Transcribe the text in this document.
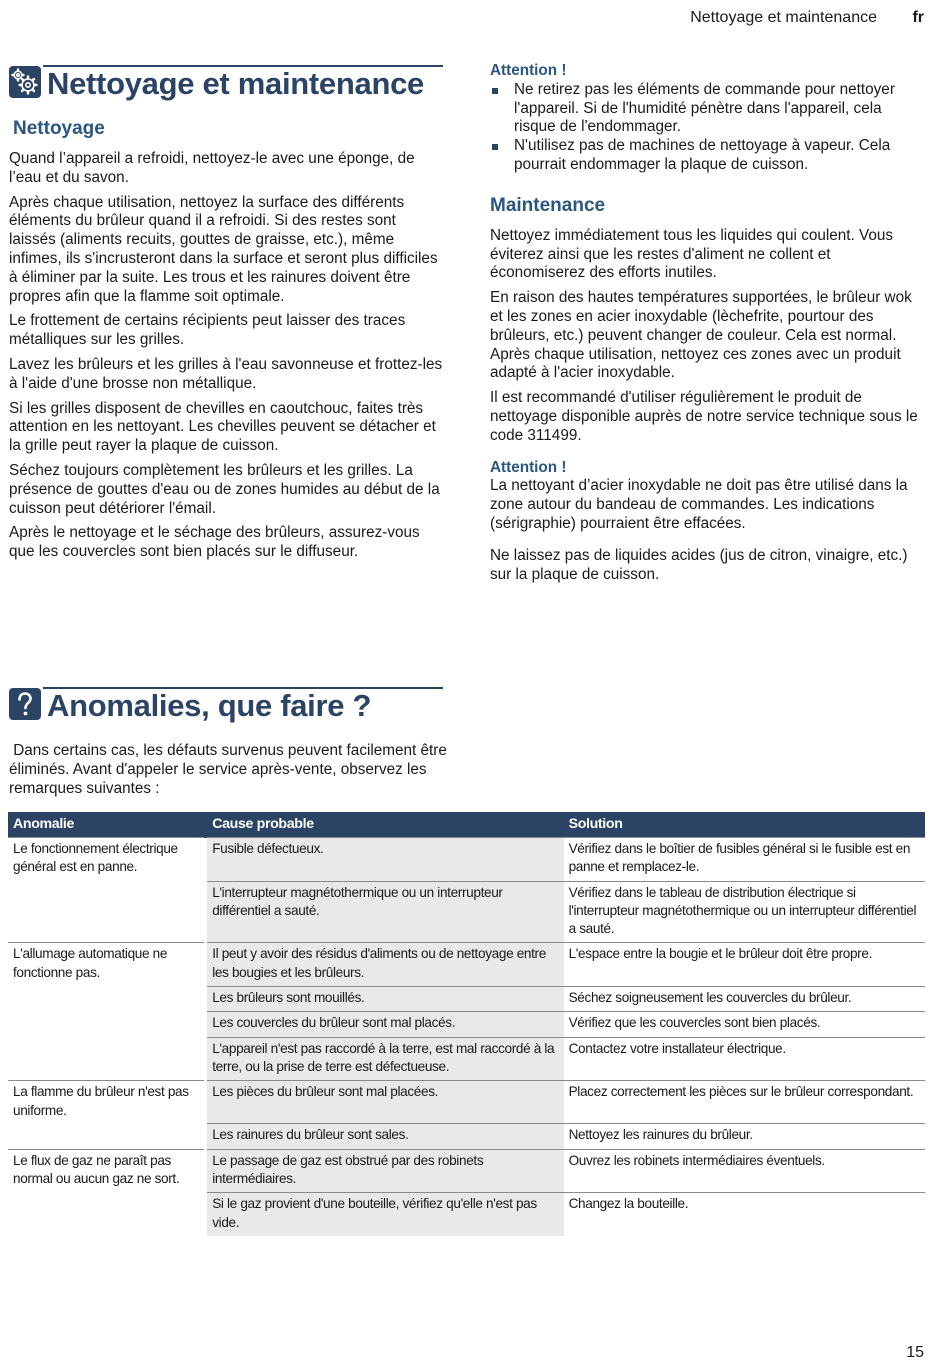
Nettoyage et maintenance fr
Nettoyage et maintenance
Nettoyage

Quand l’appareil a refroidi, nettoyez-le avec une éponge, de l’eau et du savon.

Après chaque utilisation, nettoyez la surface des différents éléments du brûleur quand il a refroidi. Si des restes sont laissés (aliments recuits, gouttes de graisse, etc.), même infimes, ils s'incrusteront dans la surface et seront plus difficiles à éliminer par la suite. Les trous et les rainures doivent être propres afin que la flamme soit optimale.

Le frottement de certains récipients peut laisser des traces métalliques sur les grilles.

Lavez les brûleurs et les grilles à l'eau savonneuse et frottez-les à l'aide d'une brosse non métallique.

Si les grilles disposent de chevilles en caoutchouc, faites très attention en les nettoyant. Les chevilles peuvent se détacher et la grille peut rayer la plaque de cuisson.

Séchez toujours complètement les brûleurs et les grilles. La présence de gouttes d'eau ou de zones humides au début de la cuisson peut détériorer l'émail.

Après le nettoyage et le séchage des brûleurs, assurez-vous que les couvercles sont bien placés sur le diffuseur.

Attention !
Ne retirez pas les éléments de commande pour nettoyer l'appareil. Si de l'humidité pénètre dans l'appareil, cela risque de l'endommager.
N'utilisez pas de machines de nettoyage à vapeur. Cela pourrait endommager la plaque de cuisson.
Maintenance

Nettoyez immédiatement tous les liquides qui coulent. Vous éviterez ainsi que les restes d'aliment ne collent et économiserez des efforts inutiles.

En raison des hautes températures supportées, le brûleur wok et les zones en acier inoxydable (lèchefrite, pourtour des brûleurs, etc.) peuvent changer de couleur. Cela est normal. Après chaque utilisation, nettoyez ces zones avec un produit adapté à l'acier inoxydable.

Il est recommandé d'utiliser régulièrement le produit de nettoyage disponible auprès de notre service technique sous le code 311499.

Attention !

La nettoyant d’acier inoxydable ne doit pas être utilisé dans la zone autour du bandeau de commandes. Les indications (sérigraphie) pourraient être effacées.

Ne laissez pas de liquides acides (jus de citron, vinaigre, etc.) sur la plaque de cuisson.

Anomalies, que faire ?
Dans certains cas, les défauts survenus peuvent facilement être éliminés. Avant d'appeler le service après-vente, observez les remarques suivantes :
Anomalie	Cause probable	Solution
Le fonctionnement électrique général est en panne.	Fusible défectueux.	Vérifiez dans le boîtier de fusibles général si le fusible est en panne et remplacez-le.
	L'interrupteur magnétothermique ou un interrupteur différentiel a sauté.	Vérifiez dans le tableau de distribution électrique si l'interrupteur magnétothermique ou un interrupteur différentiel a sauté.
L'allumage automatique ne fonctionne pas.	Il peut y avoir des résidus d'aliments ou de nettoyage entre les bougies et les brûleurs.	L'espace entre la bougie et le brûleur doit être propre.
	Les brûleurs sont mouillés.	Séchez soigneusement les couvercles du brûleur.
	Les couvercles du brûleur sont mal placés.	Vérifiez que les couvercles sont bien placés.
	L'appareil n'est pas raccordé à la terre, est mal raccordé à la terre, ou la prise de terre est défectueuse.	Contactez votre installateur électrique.
La flamme du brûleur n'est pas uniforme.	Les pièces du brûleur sont mal placées.	Placez correctement les pièces sur le brûleur correspondant.
	Les rainures du brûleur sont sales.	Nettoyez les rainures du brûleur.
Le flux de gaz ne paraît pas normal ou aucun gaz ne sort.	Le passage de gaz est obstrué par des robinets intermédiaires.	Ouvrez les robinets intermédiaires éventuels.
	Si le gaz provient d'une bouteille, vérifiez qu'elle n'est pas vide.	Changez la bouteille.
15
